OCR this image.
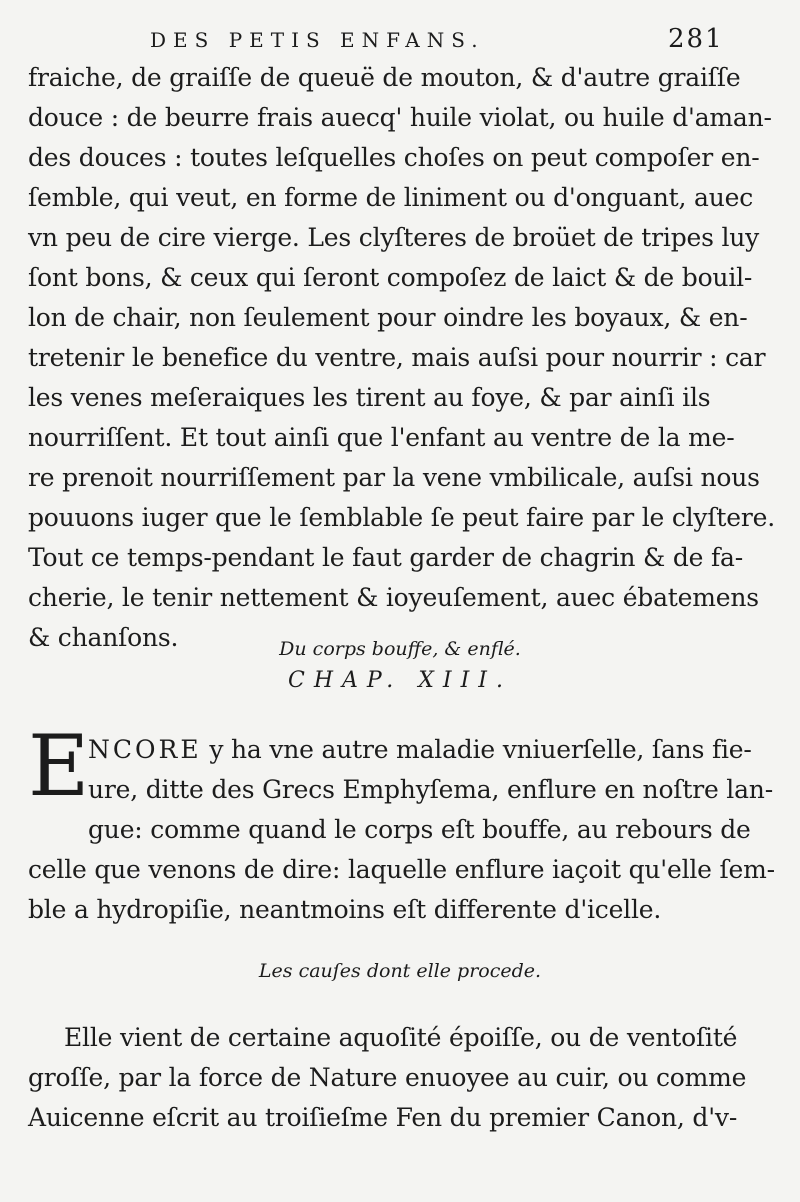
DES PETIS ENFANS.	281
fraiche, de graiſſe de queuë de mouton, & d'autre graiſſe
douce : de beurre frais auecq' huile violat, ou huile d'aman-
des douces : toutes leſquelles choſes on peut compoſer en-
ſemble, qui veut, en forme de liniment ou d'onguant, auec
vn peu de cire vierge. Les clyſteres de broüet de tripes luy
ſont bons, & ceux qui ſeront compoſez de laict & de bouil-
lon de chair, non ſeulement pour oindre les boyaux, & en-
tretenir le benefice du ventre, mais auſsi pour nourrir : car
les venes meſeraiques les tirent au foye, & par ainſi ils
nourriſſent. Et tout ainſi que l'enfant au ventre de la me-
re prenoit nourriſſement par la vene vmbilicale, auſsi nous
pouuons iuger que le ſemblable ſe peut faire par le clyſtere.
Tout ce temps-pendant le faut garder de chagrin & de fa-
cherie, le tenir nettement & ioyeuſement, auec ébatemens
& chanſons.	Du corps bouffe, & enflé.
CHAP. XIII.
E
NCORE y ha vne autre maladie vniuerſelle, ſans fie-
ure, ditte des Grecs Emphyſema, enflure en noſtre lan-
gue: comme quand le corps eſt bouffe, au rebours de
celle que venons de dire: laquelle enflure iaçoit qu'elle ſem-
ble a hydropiſie, neantmoins eſt differente d'icelle.
Les cauſes dont elle procede.
Elle vient de certaine aquoſité époiſſe, ou de ventoſité
groſſe, par la force de Nature enuoyee au cuir, ou comme
Auicenne eſcrit au troiſieſme Fen du premier Canon, d'v-
